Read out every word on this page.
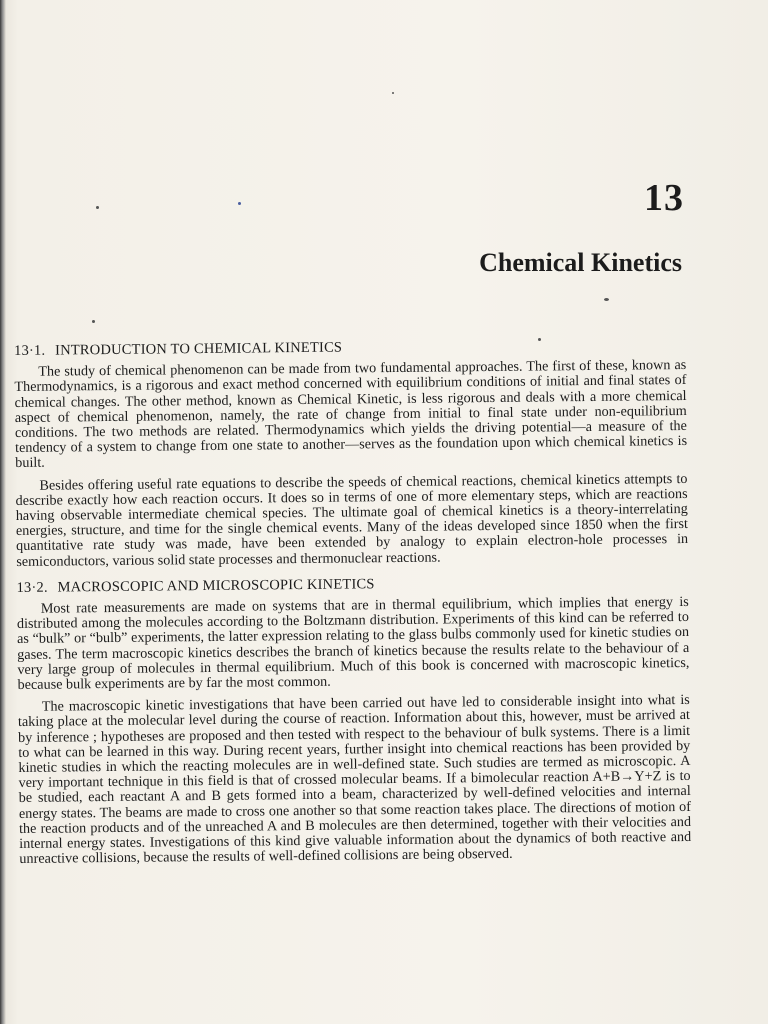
13
Chemical Kinetics
13·1. INTRODUCTION TO CHEMICAL KINETICS

The study of chemical phenomenon can be made from two fundamental approaches. The first of these, known as Thermodynamics, is a rigorous and exact method concerned with equilibrium conditions of initial and final states of chemical changes. The other method, known as Chemical Kinetic, is less rigorous and deals with a more chemical aspect of chemical phenomenon, namely, the rate of change from initial to final state under non-equilibrium conditions. The two methods are related. Thermodynamics which yields the driving potential—a measure of the tendency of a system to change from one state to another—serves as the foundation upon which chemical kinetics is built.

Besides offering useful rate equations to describe the speeds of chemical reactions, chemical kinetics attempts to describe exactly how each reaction occurs. It does so in terms of one of more elementary steps, which are reactions having observable intermediate chemical species. The ultimate goal of chemical kinetics is a theory-interrelating energies, structure, and time for the single chemical events. Many of the ideas developed since 1850 when the first quantitative rate study was made, have been extended by analogy to explain electron-hole processes in semiconductors, various solid state processes and thermonuclear reactions.

13·2. MACROSCOPIC AND MICROSCOPIC KINETICS

Most rate measurements are made on systems that are in thermal equilibrium, which implies that energy is distributed among the molecules according to the Boltzmann distribution. Experiments of this kind can be referred to as “bulk” or “bulb” experiments, the latter expression relating to the glass bulbs commonly used for kinetic studies on gases. The term macroscopic kinetics describes the branch of kinetics because the results relate to the behaviour of a very large group of molecules in thermal equilibrium. Much of this book is concerned with macroscopic kinetics, because bulk experiments are by far the most common.

The macroscopic kinetic investigations that have been carried out have led to considerable insight into what is taking place at the molecular level during the course of reaction. Information about this, however, must be arrived at by inference ; hypotheses are proposed and then tested with respect to the behaviour of bulk systems. There is a limit to what can be learned in this way. During recent years, further insight into chemical reactions has been provided by kinetic studies in which the reacting molecules are in well-defined state. Such studies are termed as microscopic. A very important technique in this field is that of crossed molecular beams. If a bimolecular reaction A+B→Y+Z is to be studied, each reactant A and B gets formed into a beam, characterized by well-defined velocities and internal energy states. The beams are made to cross one another so that some reaction takes place. The directions of motion of the reaction products and of the unreached A and B molecules are then determined, together with their velocities and internal energy states. Investigations of this kind give valuable information about the dynamics of both reactive and unreactive collisions, because the results of well-defined collisions are being observed.
